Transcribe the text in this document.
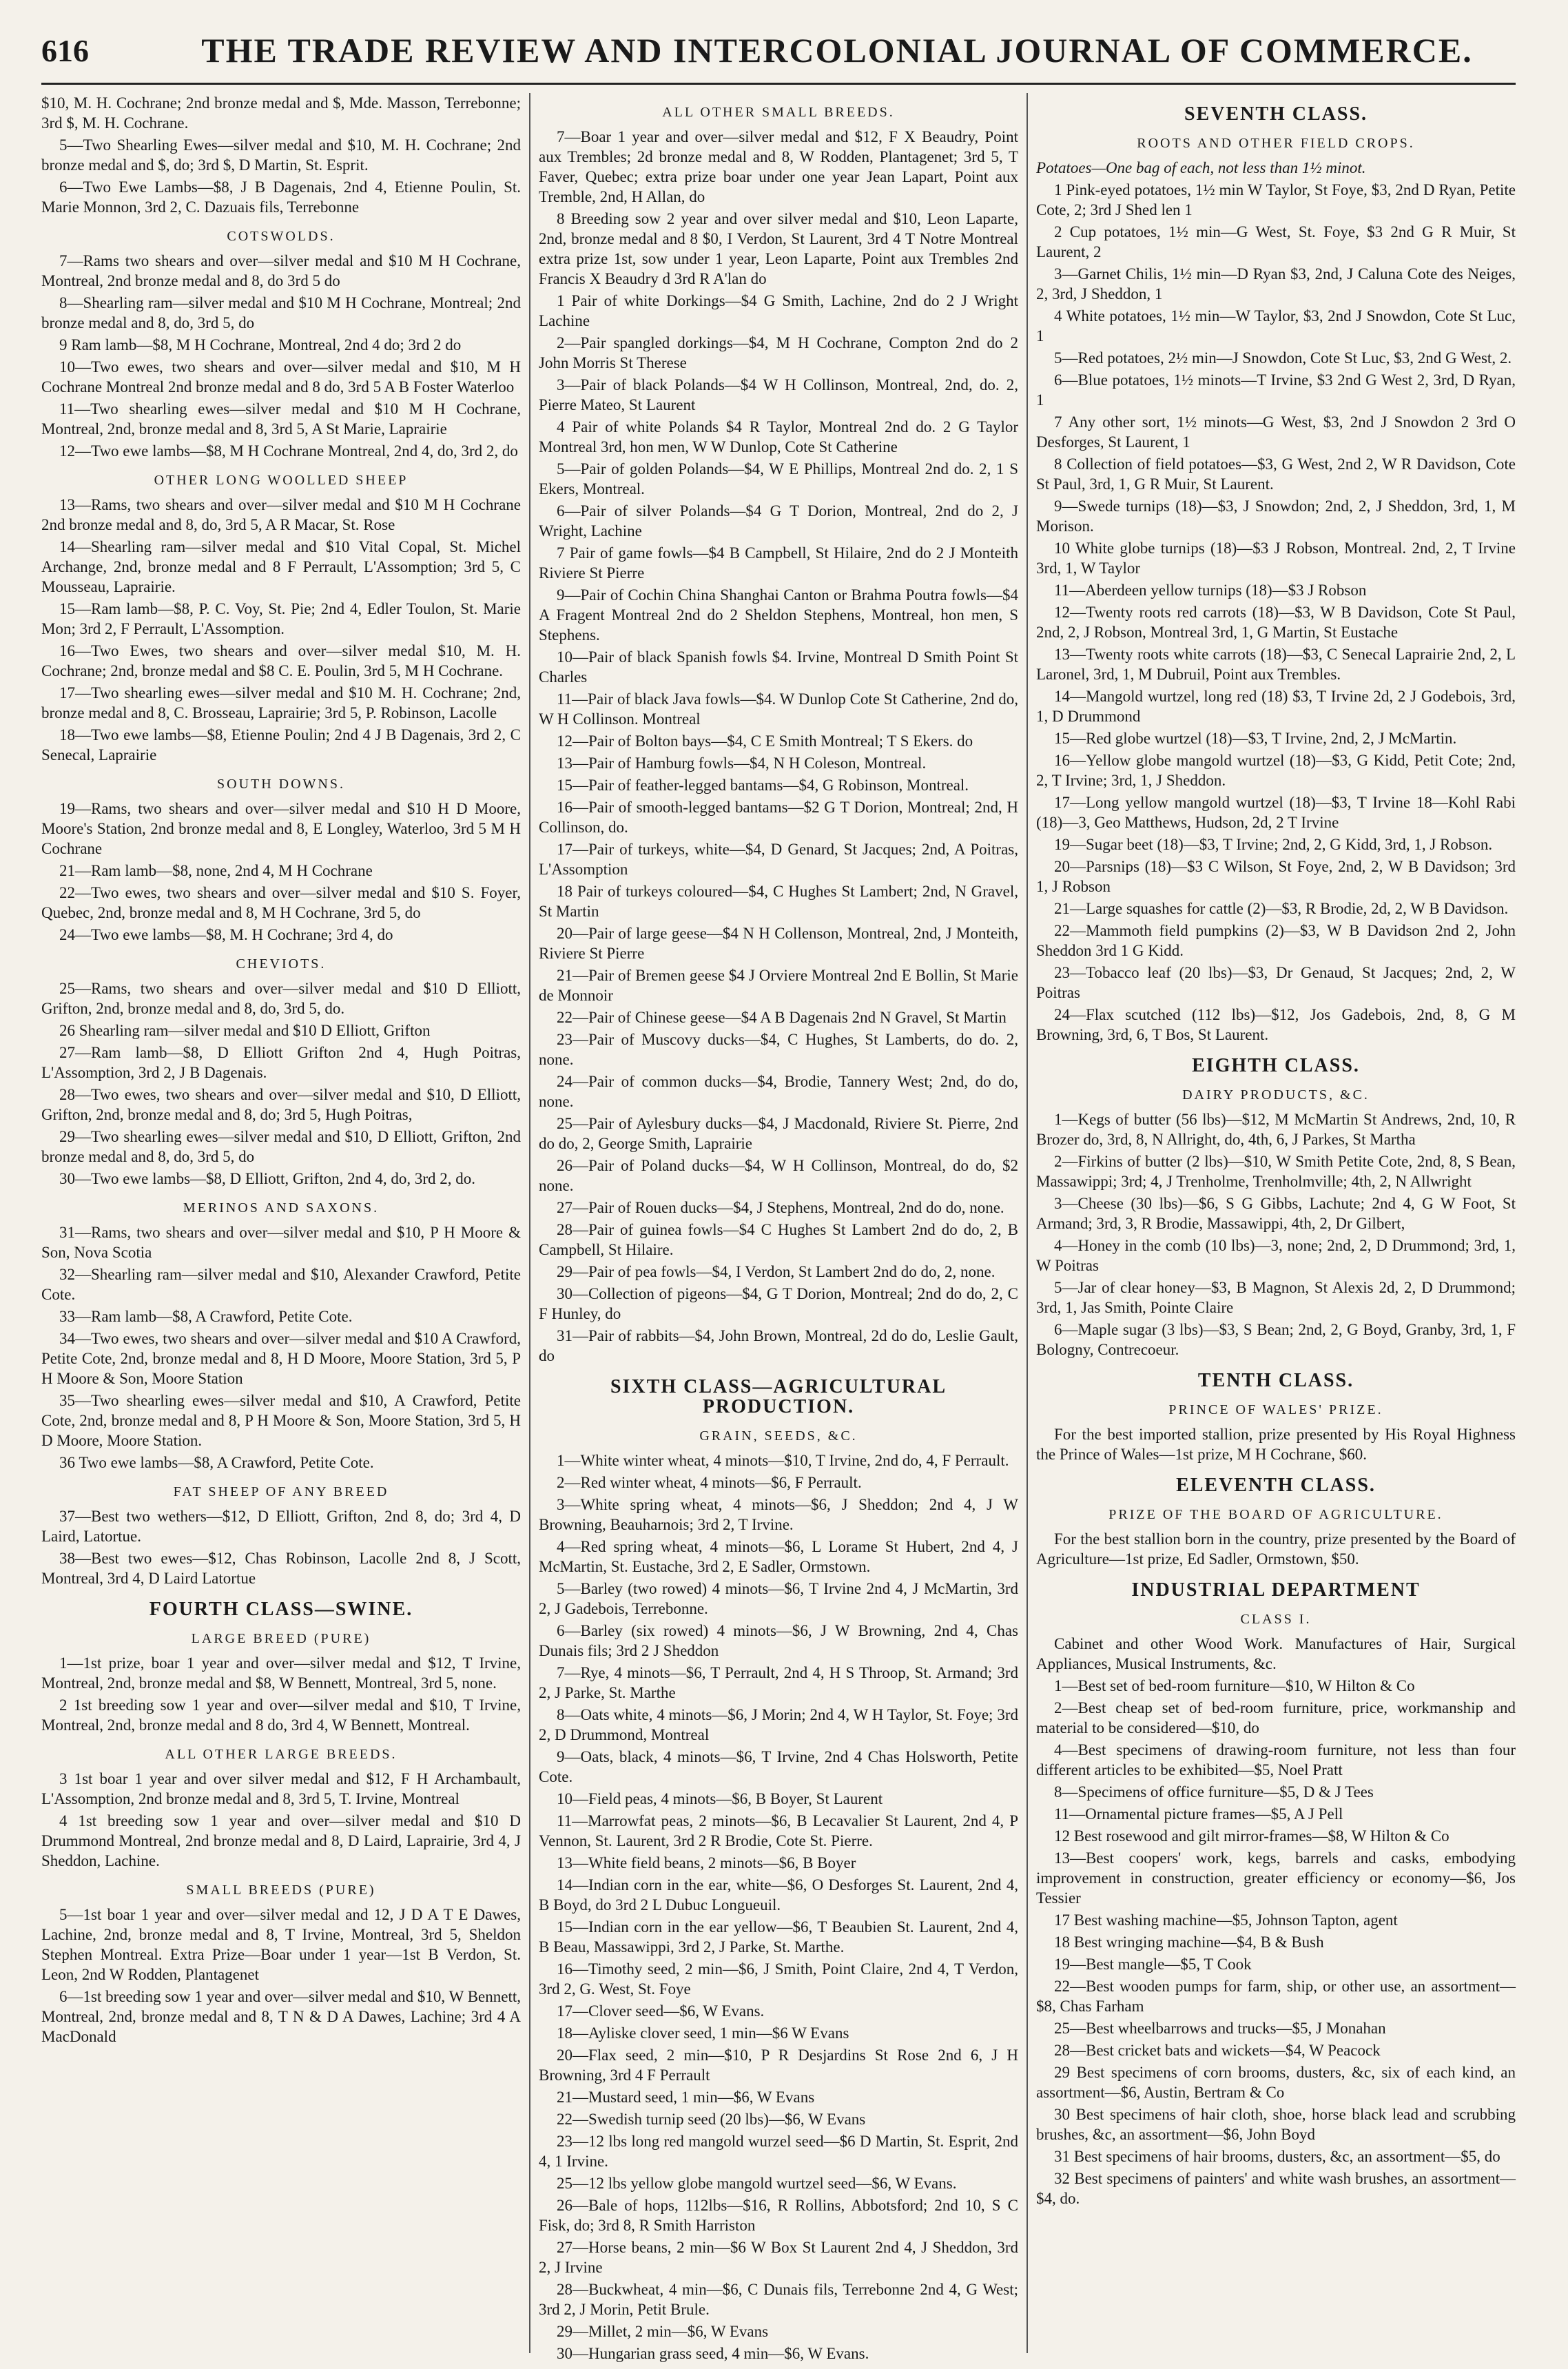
616	THE TRADE REVIEW AND INTERCOLONIAL JOURNAL OF COMMERCE.
$10, M. H. Cochrane; 2nd bronze medal and $, Mde. Masson, Terrebonne; 3rd $, M. H. Cochrane.
5—Two Shearling Ewes—silver medal and $10, M. H. Cochrane; 2nd bronze medal and $, do; 3rd $, D Martin, St. Esprit.
6—Two Ewe Lambs—$8, J B Dagenais, 2nd 4, Etienne Poulin, St. Marie Monnon, 3rd 2, C. Dazuais fils, Terrebonne
COTSWOLDS.
7—Rams two shears and over—silver medal and $10 M H Cochrane, Montreal, 2nd bronze medal and 8, do 3rd 5 do
8—Shearling ram—silver medal and $10 M H Cochrane, Montreal; 2nd bronze medal and 8, do, 3rd 5, do
9 Ram lamb—$8, M H Cochrane, Montreal, 2nd 4 do; 3rd 2 do
10—Two ewes, two shears and over—silver medal and $10, M H Cochrane Montreal 2nd bronze medal and 8 do, 3rd 5 A B Foster Waterloo
11—Two shearling ewes—silver medal and $10 M H Cochrane, Montreal, 2nd, bronze medal and 8, 3rd 5, A St Marie, Laprairie
12—Two ewe lambs—$8, M H Cochrane Montreal, 2nd 4, do, 3rd 2, do
OTHER LONG WOOLLED SHEEP
13—Rams, two shears and over—silver medal and $10 M H Cochrane 2nd bronze medal and 8, do, 3rd 5, A R Macar, St. Rose
14—Shearling ram—silver medal and $10 Vital Copal, St. Michel Archange, 2nd, bronze medal and 8 F Perrault, L'Assomption; 3rd 5, C Mousseau, Laprairie.
15—Ram lamb—$8, P. C. Voy, St. Pie; 2nd 4, Edler Toulon, St. Marie Mon; 3rd 2, F Perrault, L'Assomption.
16—Two Ewes, two shears and over—silver medal $10, M. H. Cochrane; 2nd, bronze medal and $8 C. E. Poulin, 3rd 5, M H Cochrane.
17—Two shearling ewes—silver medal and $10 M. H. Cochrane; 2nd, bronze medal and 8, C. Brosseau, Laprairie; 3rd 5, P. Robinson, Lacolle
18—Two ewe lambs—$8, Etienne Poulin; 2nd 4 J B Dagenais, 3rd 2, C Senecal, Laprairie
SOUTH DOWNS.
19—Rams, two shears and over—silver medal and $10 H D Moore, Moore's Station, 2nd bronze medal and 8, E Longley, Waterloo, 3rd 5 M H Cochrane
21—Ram lamb—$8, none, 2nd 4, M H Cochrane
22—Two ewes, two shears and over—silver medal and $10 S. Foyer, Quebec, 2nd, bronze medal and 8, M H Cochrane, 3rd 5, do
24—Two ewe lambs—$8, M. H Cochrane; 3rd 4, do
CHEVIOTS.
25—Rams, two shears and over—silver medal and $10 D Elliott, Grifton, 2nd, bronze medal and 8, do, 3rd 5, do.
26 Shearling ram—silver medal and $10 D Elliott, Grifton
27—Ram lamb—$8, D Elliott Grifton 2nd 4, Hugh Poitras, L'Assomption, 3rd 2, J B Dagenais.
28—Two ewes, two shears and over—silver medal and $10, D Elliott, Grifton, 2nd, bronze medal and 8, do; 3rd 5, Hugh Poitras,
29—Two shearling ewes—silver medal and $10, D Elliott, Grifton, 2nd bronze medal and 8, do, 3rd 5, do
30—Two ewe lambs—$8, D Elliott, Grifton, 2nd 4, do, 3rd 2, do.
MERINOS AND SAXONS.
31—Rams, two shears and over—silver medal and $10, P H Moore & Son, Nova Scotia
32—Shearling ram—silver medal and $10, Alexander Crawford, Petite Cote.
33—Ram lamb—$8, A Crawford, Petite Cote.
34—Two ewes, two shears and over—silver medal and $10 A Crawford, Petite Cote, 2nd, bronze medal and 8, H D Moore, Moore Station, 3rd 5, P H Moore & Son, Moore Station
35—Two shearling ewes—silver medal and $10, A Crawford, Petite Cote, 2nd, bronze medal and 8, P H Moore & Son, Moore Station, 3rd 5, H D Moore, Moore Station.
36 Two ewe lambs—$8, A Crawford, Petite Cote.
FAT SHEEP OF ANY BREED
37—Best two wethers—$12, D Elliott, Grifton, 2nd 8, do; 3rd 4, D Laird, Latortue.
38—Best two ewes—$12, Chas Robinson, Lacolle 2nd 8, J Scott, Montreal, 3rd 4, D Laird Latortue
FOURTH CLASS—SWINE.
LARGE BREED (PURE)
1—1st prize, boar 1 year and over—silver medal and $12, T Irvine, Montreal, 2nd, bronze medal and $8, W Bennett, Montreal, 3rd 5, none.
2 1st breeding sow 1 year and over—silver medal and $10, T Irvine, Montreal, 2nd, bronze medal and 8 do, 3rd 4, W Bennett, Montreal.
ALL OTHER LARGE BREEDS.
3 1st boar 1 year and over silver medal and $12, F H Archambault, L'Assomption, 2nd bronze medal and 8, 3rd 5, T. Irvine, Montreal
4 1st breeding sow 1 year and over—silver medal and $10 D Drummond Montreal, 2nd bronze medal and 8, D Laird, Laprairie, 3rd 4, J Sheddon, Lachine.
SMALL BREEDS (PURE)
5—1st boar 1 year and over—silver medal and 12, J D A T E Dawes, Lachine, 2nd, bronze medal and 8, T Irvine, Montreal, 3rd 5, Sheldon Stephen Montreal. Extra Prize—Boar under 1 year—1st B Verdon, St. Leon, 2nd W Rodden, Plantagenet
6—1st breeding sow 1 year and over—silver medal and $10, W Bennett, Montreal, 2nd, bronze medal and 8, T N & D A Dawes, Lachine; 3rd 4 A MacDonald
ALL OTHER SMALL BREEDS.
7—Boar 1 year and over—silver medal and $12, F X Beaudry, Point aux Trembles; 2d bronze medal and 8, W Rodden, Plantagenet; 3rd 5, T Faver, Quebec; extra prize boar under one year Jean Lapart, Point aux Tremble, 2nd, H Allan, do
8 Breeding sow 2 year and over silver medal and $10, Leon Laparte, 2nd, bronze medal and 8 $0, I Verdon, St Laurent, 3rd 4 T Notre Montreal extra prize 1st, sow under 1 year, Leon Laparte, Point aux Trembles 2nd Francis X Beaudry d 3rd R A'lan do
1 Pair of white Dorkings—$4 G Smith, Lachine, 2nd do 2 J Wright Lachine
2—Pair spangled dorkings—$4, M H Cochrane, Compton 2nd do 2 John Morris St Therese
3—Pair of black Polands—$4 W H Collinson, Montreal, 2nd, do. 2, Pierre Mateo, St Laurent
4 Pair of white Polands $4 R Taylor, Montreal 2nd do. 2 G Taylor Montreal 3rd, hon men, W W Dunlop, Cote St Catherine
5—Pair of golden Polands—$4, W E Phillips, Montreal 2nd do. 2, 1 S Ekers, Montreal.
6—Pair of silver Polands—$4 G T Dorion, Montreal, 2nd do 2, J Wright, Lachine
7 Pair of game fowls—$4 B Campbell, St Hilaire, 2nd do 2 J Monteith Riviere St Pierre
9—Pair of Cochin China Shanghai Canton or Brahma Poutra fowls—$4 A Fragent Montreal 2nd do 2 Sheldon Stephens, Montreal, hon men, S Stephens.
10—Pair of black Spanish fowls $4. Irvine, Montreal D Smith Point St Charles
11—Pair of black Java fowls—$4. W Dunlop Cote St Catherine, 2nd do, W H Collinson. Montreal
12—Pair of Bolton bays—$4, C E Smith Montreal; T S Ekers. do
13—Pair of Hamburg fowls—$4, N H Coleson, Montreal.
15—Pair of feather-legged bantams—$4, G Robinson, Montreal.
16—Pair of smooth-legged bantams—$2 G T Dorion, Montreal; 2nd, H Collinson, do.
17—Pair of turkeys, white—$4, D Genard, St Jacques; 2nd, A Poitras, L'Assomption
18 Pair of turkeys coloured—$4, C Hughes St Lambert; 2nd, N Gravel, St Martin
20—Pair of large geese—$4 N H Collenson, Montreal, 2nd, J Monteith, Riviere St Pierre
21—Pair of Bremen geese $4 J Orviere Montreal 2nd E Bollin, St Marie de Monnoir
22—Pair of Chinese geese—$4 A B Dagenais 2nd N Gravel, St Martin
23—Pair of Muscovy ducks—$4, C Hughes, St Lamberts, do do. 2, none.
24—Pair of common ducks—$4, Brodie, Tannery West; 2nd, do do, none.
25—Pair of Aylesbury ducks—$4, J Macdonald, Riviere St. Pierre, 2nd do do, 2, George Smith, Laprairie
26—Pair of Poland ducks—$4, W H Collinson, Montreal, do do, $2 none.
27—Pair of Rouen ducks—$4, J Stephens, Montreal, 2nd do do, none.
28—Pair of guinea fowls—$4 C Hughes St Lambert 2nd do do, 2, B Campbell, St Hilaire.
29—Pair of pea fowls—$4, I Verdon, St Lambert 2nd do do, 2, none.
30—Collection of pigeons—$4, G T Dorion, Montreal; 2nd do do, 2, C F Hunley, do
31—Pair of rabbits—$4, John Brown, Montreal, 2d do do, Leslie Gault, do
SIXTH CLASS—AGRICULTURAL PRODUCTION.
GRAIN, SEEDS, &C.
1—White winter wheat, 4 minots—$10, T Irvine, 2nd do, 4, F Perrault.
2—Red winter wheat, 4 minots—$6, F Perrault.
3—White spring wheat, 4 minots—$6, J Sheddon; 2nd 4, J W Browning, Beauharnois; 3rd 2, T Irvine.
4—Red spring wheat, 4 minots—$6, L Lorame St Hubert, 2nd 4, J McMartin, St. Eustache, 3rd 2, E Sadler, Ormstown.
5—Barley (two rowed) 4 minots—$6, T Irvine 2nd 4, J McMartin, 3rd 2, J Gadebois, Terrebonne.
6—Barley (six rowed) 4 minots—$6, J W Browning, 2nd 4, Chas Dunais fils; 3rd 2 J Sheddon
7—Rye, 4 minots—$6, T Perrault, 2nd 4, H S Throop, St. Armand; 3rd 2, J Parke, St. Marthe
8—Oats white, 4 minots—$6, J Morin; 2nd 4, W H Taylor, St. Foye; 3rd 2, D Drummond, Montreal
9—Oats, black, 4 minots—$6, T Irvine, 2nd 4 Chas Holsworth, Petite Cote.
10—Field peas, 4 minots—$6, B Boyer, St Laurent
11—Marrowfat peas, 2 minots—$6, B Lecavalier St Laurent, 2nd 4, P Vennon, St. Laurent, 3rd 2 R Brodie, Cote St. Pierre.
13—White field beans, 2 minots—$6, B Boyer
14—Indian corn in the ear, white—$6, O Desforges St. Laurent, 2nd 4, B Boyd, do 3rd 2 L Dubuc Longueuil.
15—Indian corn in the ear yellow—$6, T Beaubien St. Laurent, 2nd 4, B Beau, Massawippi, 3rd 2, J Parke, St. Marthe.
16—Timothy seed, 2 min—$6, J Smith, Point Claire, 2nd 4, T Verdon, 3rd 2, G. West, St. Foye
17—Clover seed—$6, W Evans.
18—Ayliske clover seed, 1 min—$6 W Evans
20—Flax seed, 2 min—$10, P R Desjardins St Rose 2nd 6, J H Browning, 3rd 4 F Perrault
21—Mustard seed, 1 min—$6, W Evans
22—Swedish turnip seed (20 lbs)—$6, W Evans
23—12 lbs long red mangold wurzel seed—$6 D Martin, St. Esprit, 2nd 4, 1 Irvine.
25—12 lbs yellow globe mangold wurtzel seed—$6, W Evans.
26—Bale of hops, 112lbs—$16, R Rollins, Abbotsford; 2nd 10, S C Fisk, do; 3rd 8, R Smith Harriston
27—Horse beans, 2 min—$6 W Box St Laurent 2nd 4, J Sheddon, 3rd 2, J Irvine
28—Buckwheat, 4 min—$6, C Dunais fils, Terrebonne 2nd 4, G West; 3rd 2, J Morin, Petit Brule.
29—Millet, 2 min—$6, W Evans
30—Hungarian grass seed, 4 min—$6, W Evans.
SEVENTH CLASS.
ROOTS AND OTHER FIELD CROPS.
Potatoes—One bag of each, not less than 1½ minot.
1 Pink-eyed potatoes, 1½ min W Taylor, St Foye, $3, 2nd D Ryan, Petite Cote, 2; 3rd J Shed len 1
2 Cup potatoes, 1½ min—G West, St. Foye, $3 2nd G R Muir, St Laurent, 2
3—Garnet Chilis, 1½ min—D Ryan $3, 2nd, J Caluna Cote des Neiges, 2, 3rd, J Sheddon, 1
4 White potatoes, 1½ min—W Taylor, $3, 2nd J Snowdon, Cote St Luc, 1
5—Red potatoes, 2½ min—J Snowdon, Cote St Luc, $3, 2nd G West, 2.
6—Blue potatoes, 1½ minots—T Irvine, $3 2nd G West 2, 3rd, D Ryan, 1
7 Any other sort, 1½ minots—G West, $3, 2nd J Snowdon 2 3rd O Desforges, St Laurent, 1
8 Collection of field potatoes—$3, G West, 2nd 2, W R Davidson, Cote St Paul, 3rd, 1, G R Muir, St Laurent.
9—Swede turnips (18)—$3, J Snowdon; 2nd, 2, J Sheddon, 3rd, 1, M Morison.
10 White globe turnips (18)—$3 J Robson, Montreal. 2nd, 2, T Irvine 3rd, 1, W Taylor
11—Aberdeen yellow turnips (18)—$3 J Robson
12—Twenty roots red carrots (18)—$3, W B Davidson, Cote St Paul, 2nd, 2, J Robson, Montreal 3rd, 1, G Martin, St Eustache
13—Twenty roots white carrots (18)—$3, C Senecal Laprairie 2nd, 2, L Laronel, 3rd, 1, M Dubruil, Point aux Trembles.
14—Mangold wurtzel, long red (18) $3, T Irvine 2d, 2 J Godebois, 3rd, 1, D Drummond
15—Red globe wurtzel (18)—$3, T Irvine, 2nd, 2, J McMartin.
16—Yellow globe mangold wurtzel (18)—$3, G Kidd, Petit Cote; 2nd, 2, T Irvine; 3rd, 1, J Sheddon.
17—Long yellow mangold wurtzel (18)—$3, T Irvine 18—Kohl Rabi (18)—3, Geo Matthews, Hudson, 2d, 2 T Irvine
19—Sugar beet (18)—$3, T Irvine; 2nd, 2, G Kidd, 3rd, 1, J Robson.
20—Parsnips (18)—$3 C Wilson, St Foye, 2nd, 2, W B Davidson; 3rd 1, J Robson
21—Large squashes for cattle (2)—$3, R Brodie, 2d, 2, W B Davidson.
22—Mammoth field pumpkins (2)—$3, W B Davidson 2nd 2, John Sheddon 3rd 1 G Kidd.
23—Tobacco leaf (20 lbs)—$3, Dr Genaud, St Jacques; 2nd, 2, W Poitras
24—Flax scutched (112 lbs)—$12, Jos Gadebois, 2nd, 8, G M Browning, 3rd, 6, T Bos, St Laurent.
EIGHTH CLASS.
DAIRY PRODUCTS, &C.
1—Kegs of butter (56 lbs)—$12, M McMartin St Andrews, 2nd, 10, R Brozer do, 3rd, 8, N Allright, do, 4th, 6, J Parkes, St Martha
2—Firkins of butter (2 lbs)—$10, W Smith Petite Cote, 2nd, 8, S Bean, Massawippi; 3rd; 4, J Trenholme, Trenholmville; 4th, 2, N Allwright
3—Cheese (30 lbs)—$6, S G Gibbs, Lachute; 2nd 4, G W Foot, St Armand; 3rd, 3, R Brodie, Massawippi, 4th, 2, Dr Gilbert,
4—Honey in the comb (10 lbs)—3, none; 2nd, 2, D Drummond; 3rd, 1, W Poitras
5—Jar of clear honey—$3, B Magnon, St Alexis 2d, 2, D Drummond; 3rd, 1, Jas Smith, Pointe Claire
6—Maple sugar (3 lbs)—$3, S Bean; 2nd, 2, G Boyd, Granby, 3rd, 1, F Bologny, Contrecoeur.
TENTH CLASS.
PRINCE OF WALES' PRIZE.
For the best imported stallion, prize presented by His Royal Highness the Prince of Wales—1st prize, M H Cochrane, $60.
ELEVENTH CLASS.
PRIZE OF THE BOARD OF AGRICULTURE.
For the best stallion born in the country, prize presented by the Board of Agriculture—1st prize, Ed Sadler, Ormstown, $50.
INDUSTRIAL DEPARTMENT
CLASS I.
Cabinet and other Wood Work. Manufactures of Hair, Surgical Appliances, Musical Instruments, &c.
1—Best set of bed-room furniture—$10, W Hilton & Co
2—Best cheap set of bed-room furniture, price, workmanship and material to be considered—$10, do
4—Best specimens of drawing-room furniture, not less than four different articles to be exhibited—$5, Noel Pratt
8—Specimens of office furniture—$5, D & J Tees
11—Ornamental picture frames—$5, A J Pell
12 Best rosewood and gilt mirror-frames—$8, W Hilton & Co
13—Best coopers' work, kegs, barrels and casks, embodying improvement in construction, greater efficiency or economy—$6, Jos Tessier
17 Best washing machine—$5, Johnson Tapton, agent
18 Best wringing machine—$4, B & Bush
19—Best mangle—$5, T Cook
22—Best wooden pumps for farm, ship, or other use, an assortment—$8, Chas Farham
25—Best wheelbarrows and trucks—$5, J Monahan
28—Best cricket bats and wickets—$4, W Peacock
29 Best specimens of corn brooms, dusters, &c, six of each kind, an assortment—$6, Austin, Bertram & Co
30 Best specimens of hair cloth, shoe, horse black lead and scrubbing brushes, &c, an assortment—$6, John Boyd
31 Best specimens of hair brooms, dusters, &c, an assortment—$5, do
32 Best specimens of painters' and white wash brushes, an assortment—$4, do.
